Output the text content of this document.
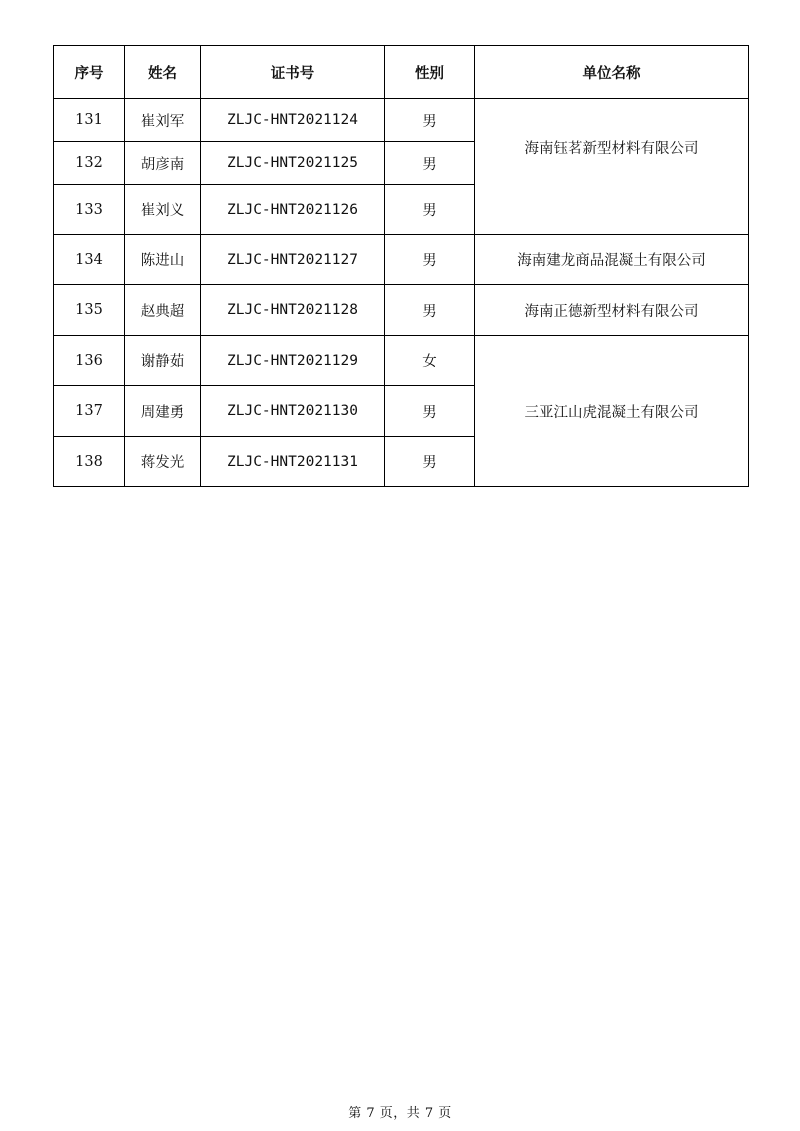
序号	姓名	证书号	性别	单位名称
131	崔刘军	ZLJC-HNT2021124	男	海南钰茗新型材料有限公司
132	胡彦南	ZLJC-HNT2021125	男	
133	崔刘义	ZLJC-HNT2021126	男	
134	陈进山	ZLJC-HNT2021127	男	海南建龙商品混凝土有限公司
135	赵典超	ZLJC-HNT2021128	男	海南正德新型材料有限公司
136	谢静茹	ZLJC-HNT2021129	女	三亚江山虎混凝土有限公司
137	周建勇	ZLJC-HNT2021130	男	
138	蒋发光	ZLJC-HNT2021131	男	
第 7 页，共 7 页
